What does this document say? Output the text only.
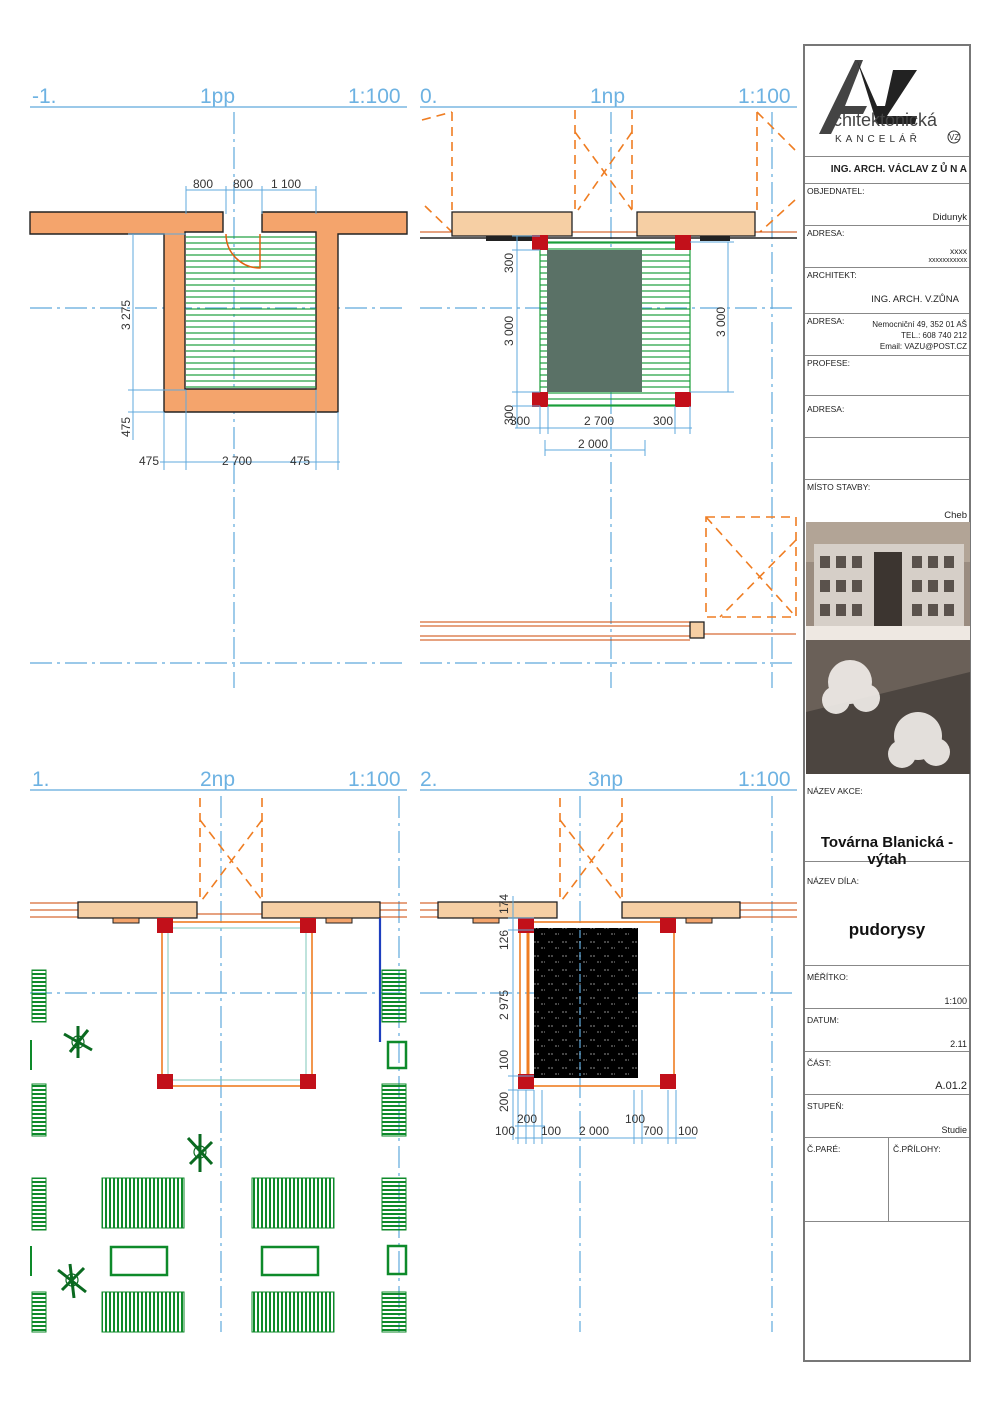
-1.	1pp	1:100 0.	1np	1:100
1.	2np	1:100 2.	3np	1:100
800 800 1 100
3 275
475
475	2 700	475
300
3 000
300
3 000
300	2 700	300
2 000
174
126
2 975
100
200
200	100
100 100 2 000	700 100
rchitektonická
KANCELÁŘ	VZ
ING. ARCH. VÁCLAV Z Ů N A
OBJEDNATEL:
Didunyk
ADRESA:
xxxx
xxxxxxxxxxx
ARCHITEKT:
ING. ARCH. V.ZŮNA
ADRESA:	Nemocniční 49, 352 01 AŠ
TEL.: 608 740 212
Email: VAZU@POST.CZ
PROFESE:
ADRESA:
MÍSTO STAVBY:
Cheb
NÁZEV AKCE:
Továrna Blanická - výtah
NÁZEV DÍLA:
pudorysy
MĚŘÍTKO:
1:100
DATUM:
2.11
ČÁST:
A.01.2
STUPEŇ:
Studie
Č.PARÉ:	Č.PŘÍLOHY:
